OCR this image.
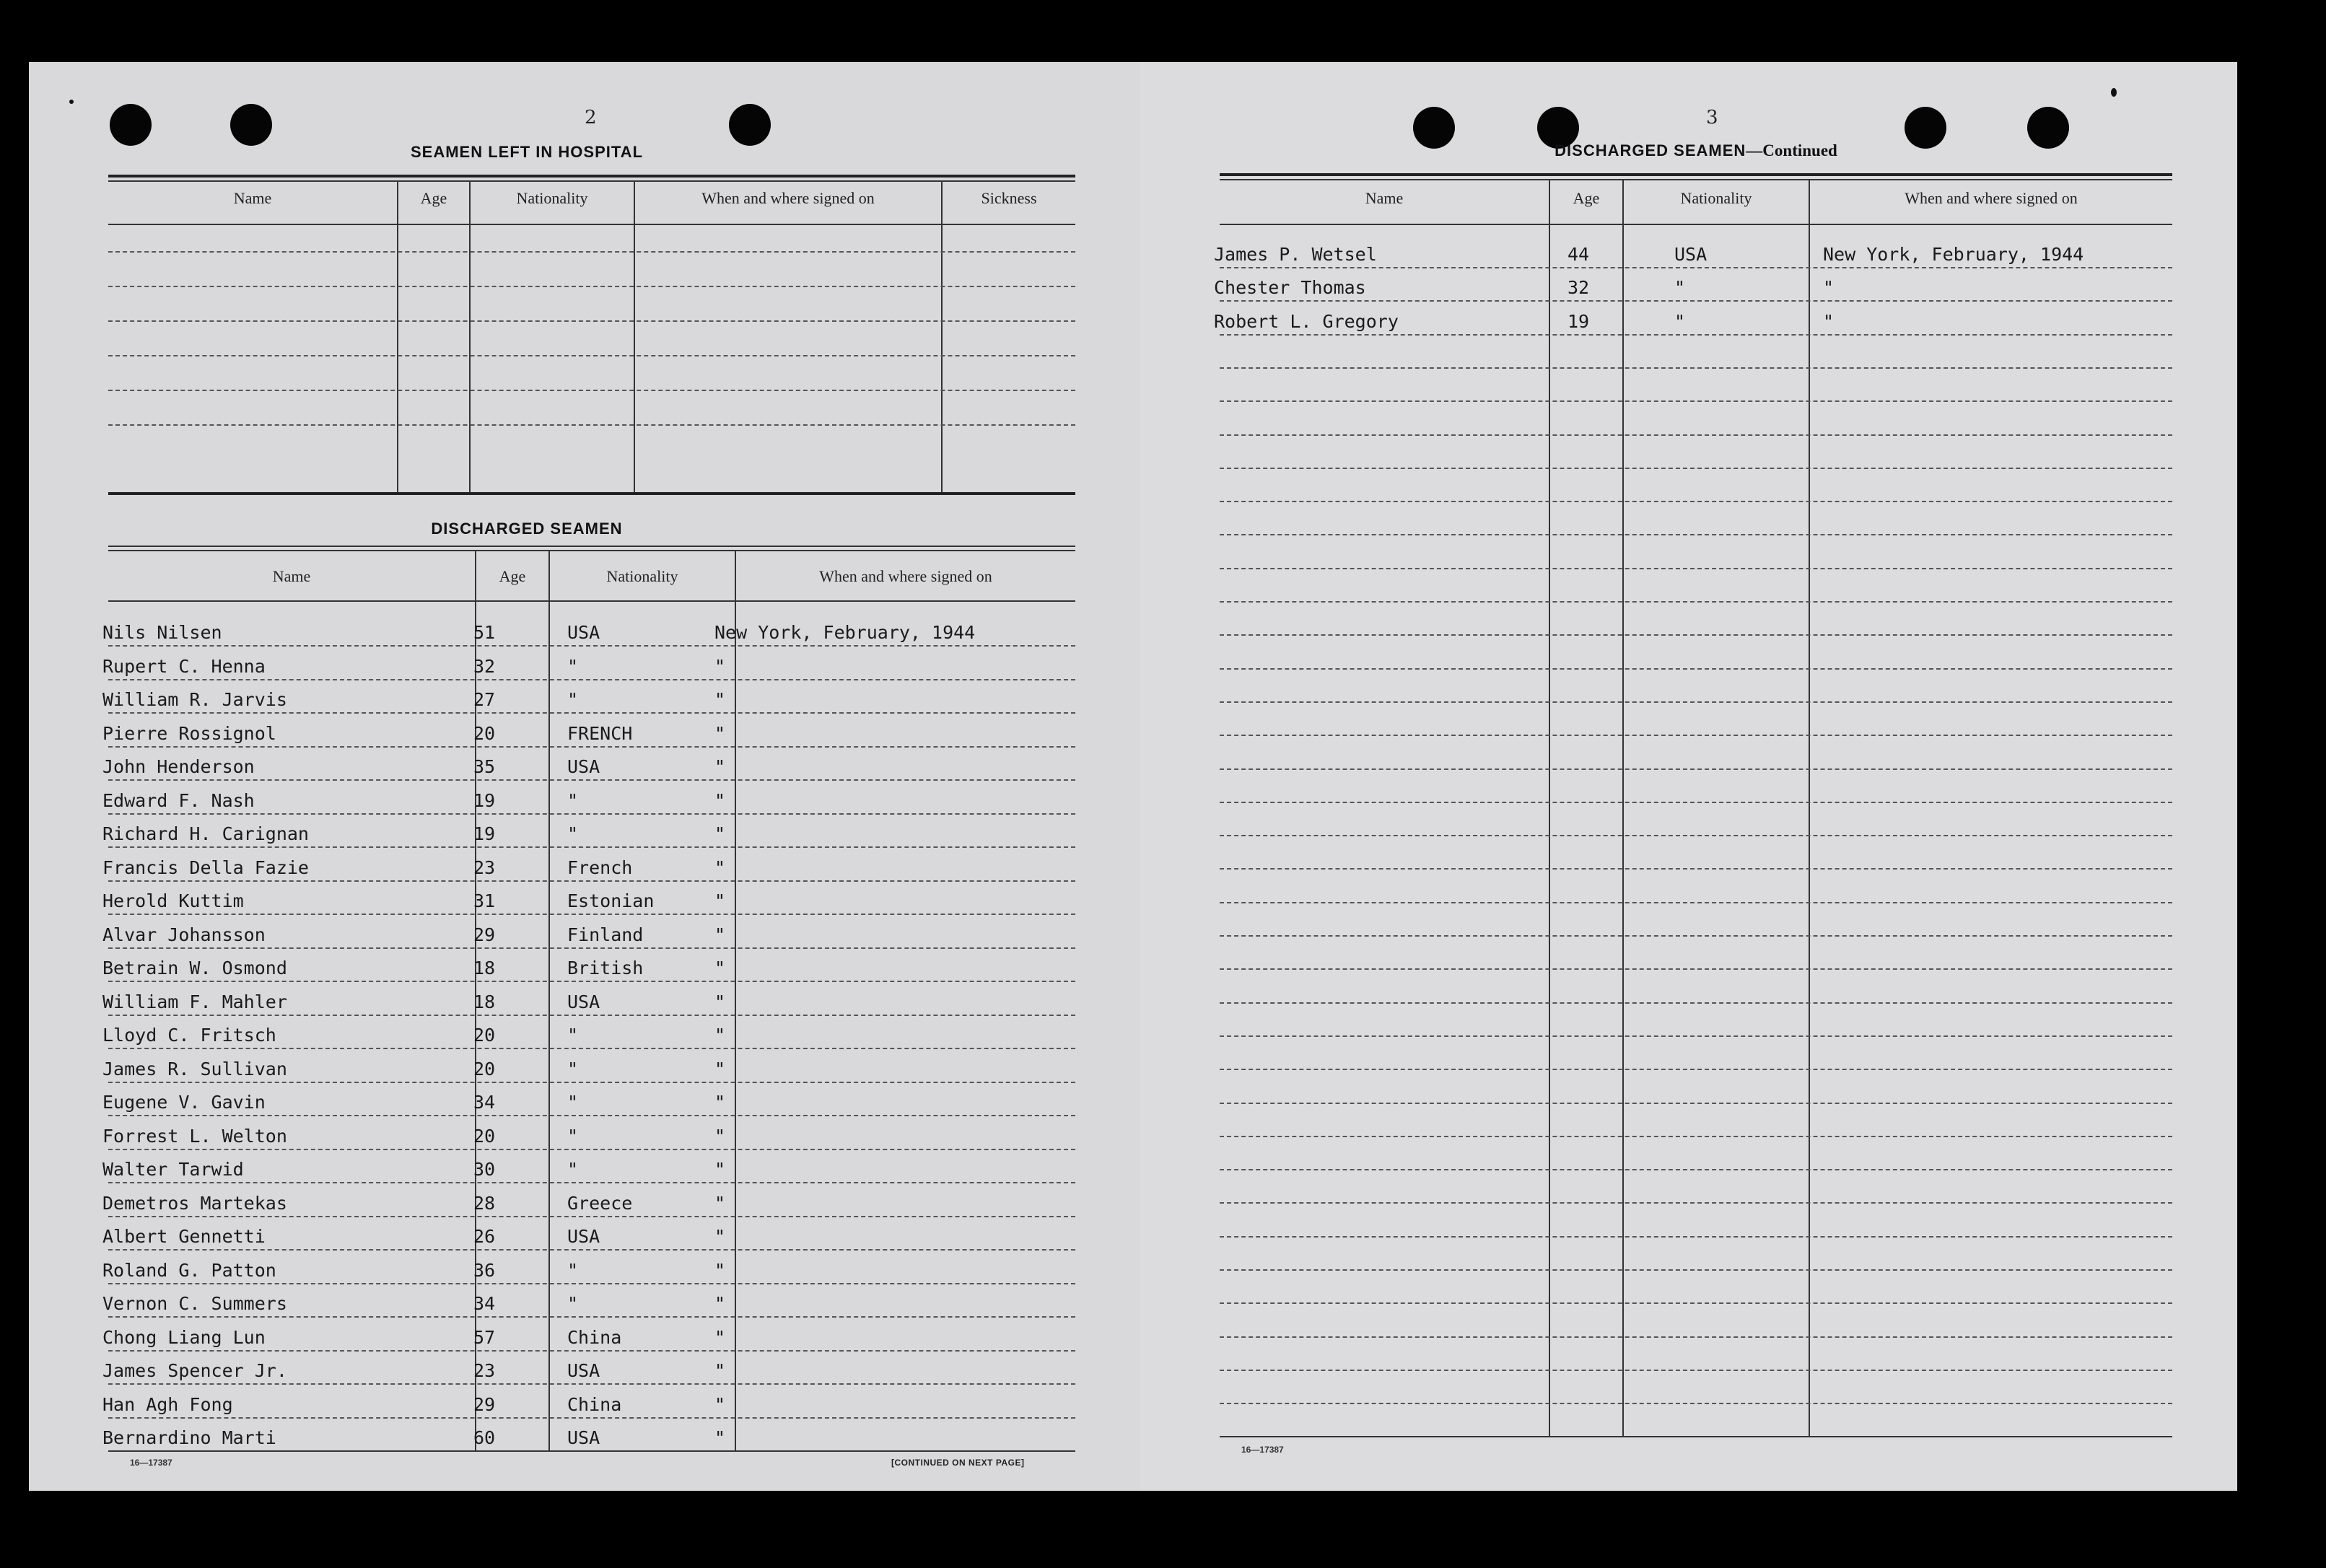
2
SEAMEN LEFT IN HOSPITAL
Name	Age	Nationality	When and where signed on	Sickness
DISCHARGED SEAMEN
Name	Age	Nationality	When and where signed on
Nils Nilsen	51	USA	New York, February, 1944
Rupert C. Henna	32	"	"
William R. Jarvis	27	"	"
Pierre Rossignol	20	FRENCH	"
John Henderson	35	USA	"
Edward F. Nash	19	"	"
Richard H. Carignan	19	"	"
Francis Della Fazie	23	French	"
Herold Kuttim	31	Estonian	"
Alvar Johansson	29	Finland	"
Betrain W. Osmond	18	British	"
William F. Mahler	18	USA	"
Lloyd C. Fritsch	20	"	"
James R. Sullivan	20	"	"
Eugene V. Gavin	34	"	"
Forrest L. Welton	20	"	"
Walter Tarwid	30	"	"
Demetros Martekas	28	Greece	"
Albert Gennetti	26	USA	"
Roland G. Patton	36	"	"
Vernon C. Summers	34	"	"
Chong Liang Lun	57	China	"
James Spencer Jr.	23	USA	"
Han Agh Fong	29	China	"
Bernardino Marti	60	USA	"
16—17387	[CONTINUED ON NEXT PAGE]
3
DISCHARGED SEAMEN—Continued
Name	Age	Nationality	When and where signed on
James P. Wetsel	44	USA	New York, February, 1944
Chester Thomas	32	"	"
Robert L. Gregory	19	"	"
16—17387
